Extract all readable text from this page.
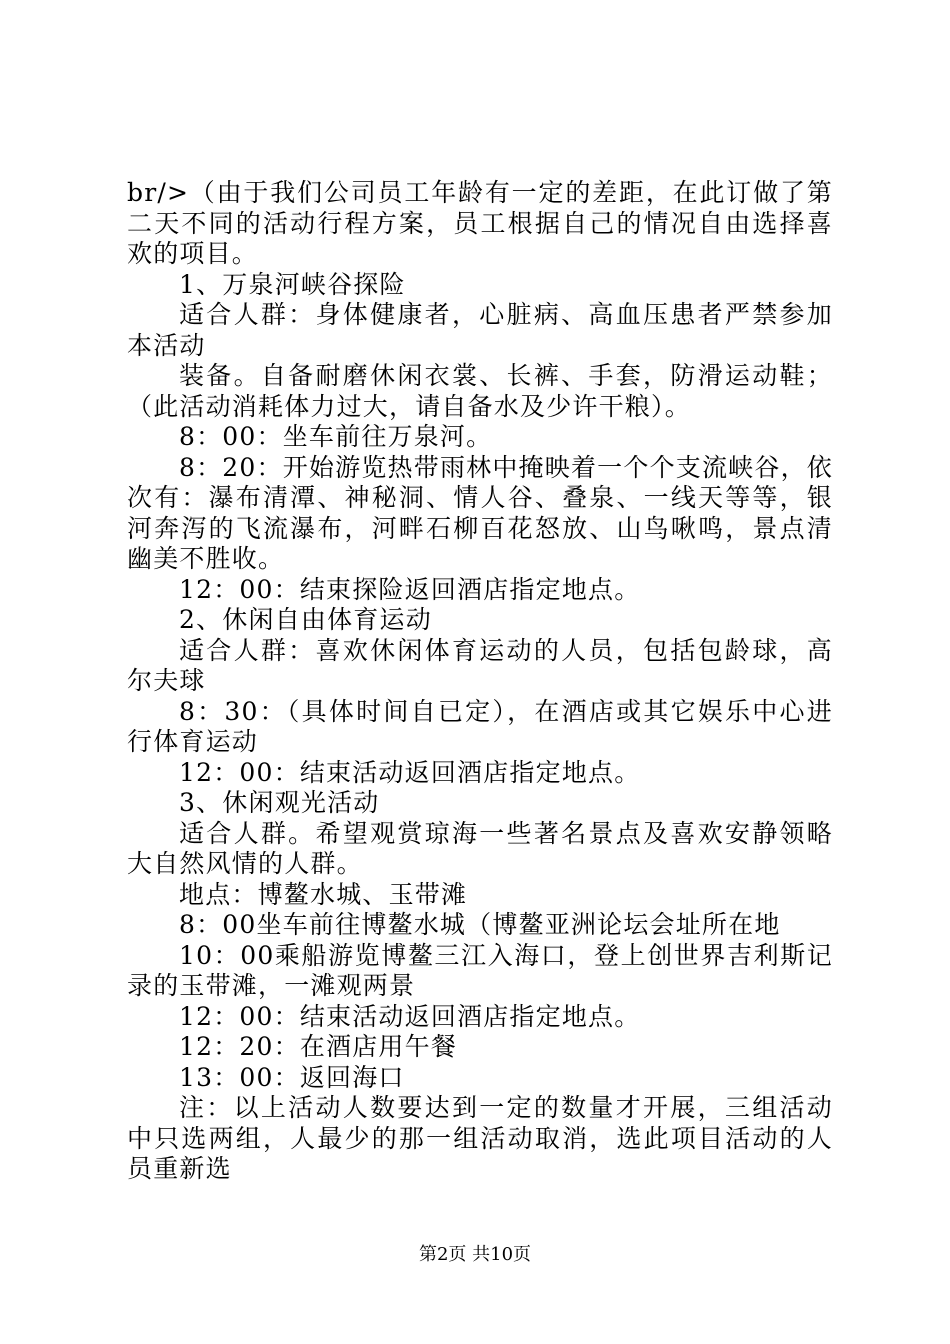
br/>（由于我们公司员工年龄有一定的差距，在此订做了第二天不同的活动行程方案，员工根据自己的情况自由选择喜欢的项目。

1、万泉河峡谷探险

适合人群：身体健康者，心脏病、高血压患者严禁参加本活动

装备。自备耐磨休闲衣裳、长裤、手套，防滑运动鞋；（此活动消耗体力过大，请自备水及少许干粮）。

8：00：坐车前往万泉河。

8：20：开始游览热带雨林中掩映着一个个支流峡谷，依次有：瀑布清潭、神秘洞、情人谷、叠泉、一线天等等，银河奔泻的飞流瀑布，河畔石柳百花怒放、山鸟啾鸣，景点清幽美不胜收。

12：00：结束探险返回酒店指定地点。

2、休闲自由体育运动

适合人群：喜欢休闲体育运动的人员，包括包龄球，高尔夫球

8：30：（具体时间自已定），在酒店或其它娱乐中心进行体育运动

12：00：结束活动返回酒店指定地点。

3、休闲观光活动

适合人群。希望观赏琼海一些著名景点及喜欢安静领略大自然风情的人群。

地点：博鳌水城、玉带滩

8：00坐车前往博鳌水城（博鳌亚洲论坛会址所在地

10：00乘船游览博鳌三江入海口，登上创世界吉利斯记录的玉带滩，一滩观两景

12：00：结束活动返回酒店指定地点。

12：20：在酒店用午餐

13：00：返回海口

注：以上活动人数要达到一定的数量才开展，三组活动中只选两组，人最少的那一组活动取消，选此项目活动的人员重新选

第2页 共10页
